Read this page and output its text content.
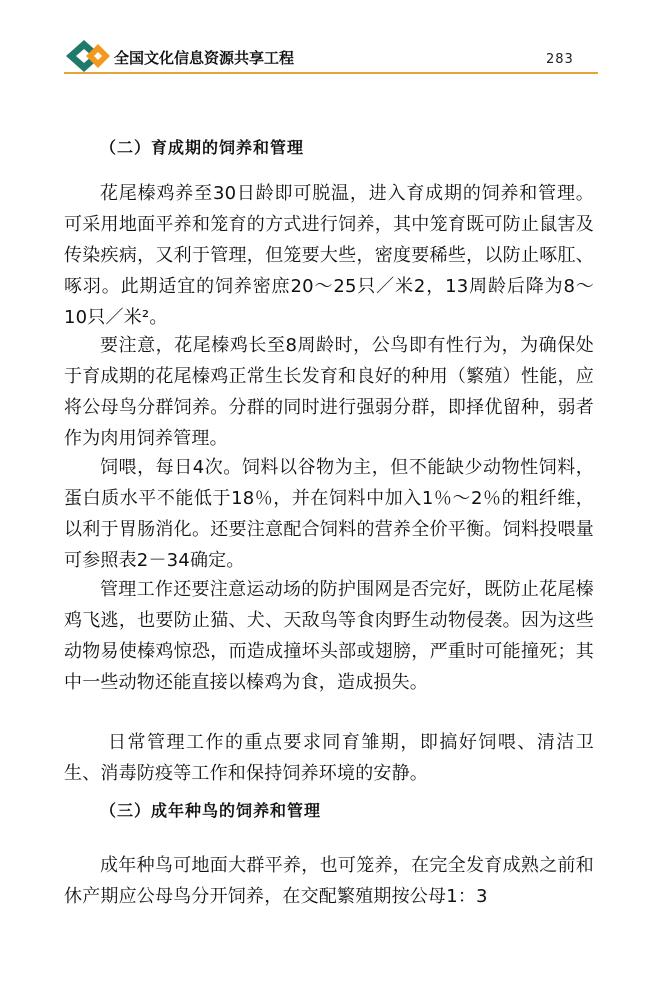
全国文化信息资源共享工程	283
（二）育成期的饲养和管理

花尾榛鸡养至30日龄即可脱温，进入育成期的饲养和管理。可采用地面平养和笼育的方式进行饲养，其中笼育既可防止鼠害及传染疾病，又利于管理，但笼要大些，密度要稀些，以防止啄肛、啄羽。此期适宜的饲养密庶20～25只／米2，13周龄后降为8～10只／米²。

要注意，花尾榛鸡长至8周龄时，公鸟即有性行为，为确保处于育成期的花尾榛鸡正常生长发育和良好的种用（繁殖）性能，应将公母鸟分群饲养。分群的同时进行强弱分群，即择优留种，弱者作为肉用饲养管理。

饲喂，每日4次。饲料以谷物为主，但不能缺少动物性饲料，蛋白质水平不能低于18％，并在饲料中加入1％～2％的粗纤维，以利于胃肠消化。还要注意配合饲料的营养全价平衡。饲料投喂量可参照表2－34确定。

管理工作还要注意运动场的防护围网是否完好，既防止花尾榛鸡飞逃，也要防止猫、犬、天敌鸟等食肉野生动物侵袭。因为这些动物易使榛鸡惊恐，而造成撞坏头部或翅膀，严重时可能撞死；其中一些动物还能直接以榛鸡为食，造成损失。

日常管理工作的重点要求同育雏期，即搞好饲喂、清洁卫生、消毒防疫等工作和保持饲养环境的安静。

（三）成年种鸟的饲养和管理

成年种鸟可地面大群平养，也可笼养，在完全发育成熟之前和休产期应公母鸟分开饲养，在交配繁殖期按公母1：3
